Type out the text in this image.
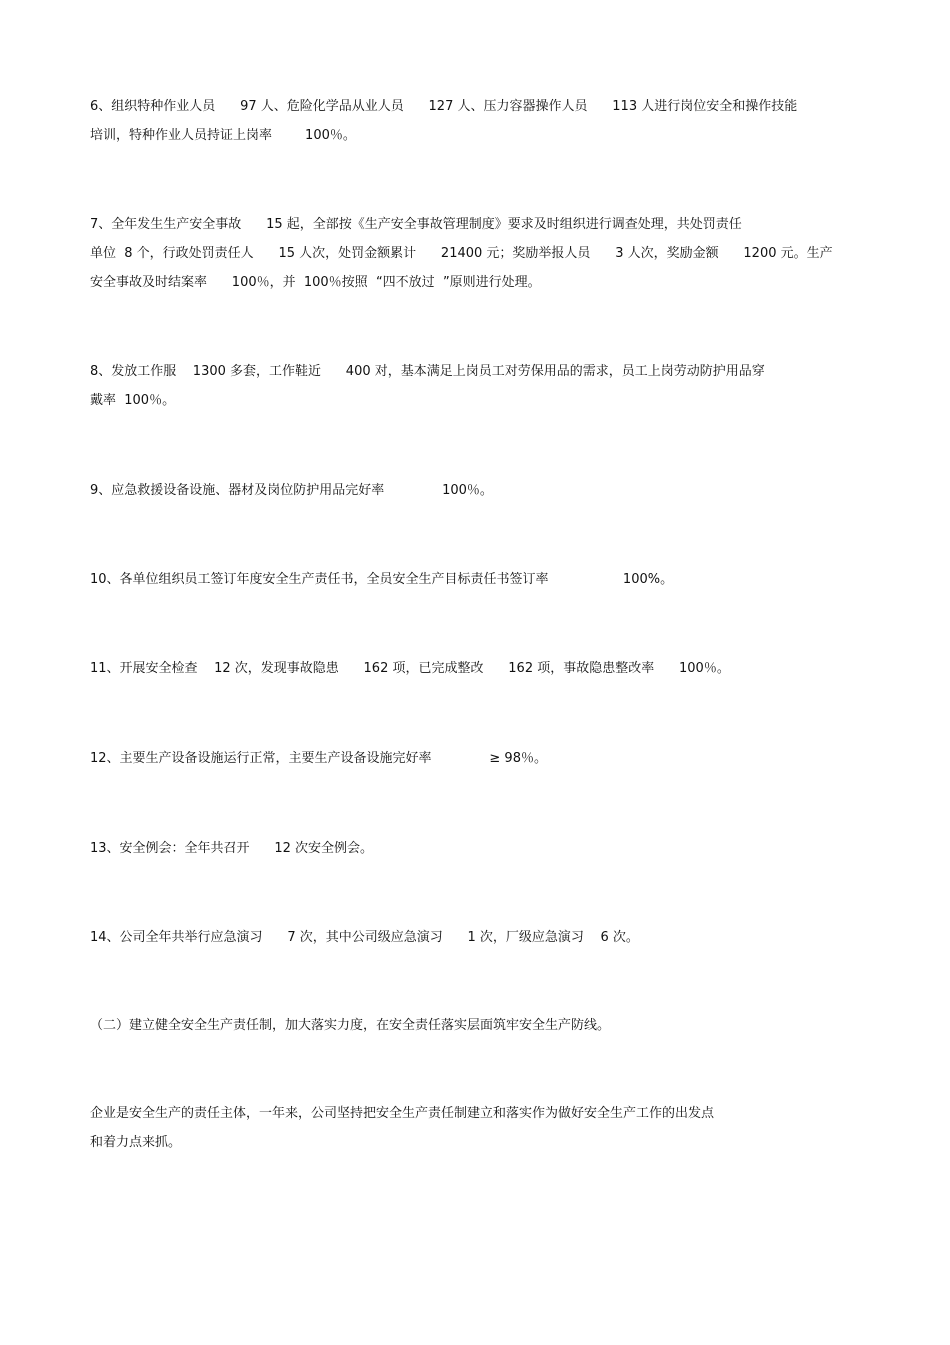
6、组织特种作业人员      97 人、危险化学品从业人员      127 人、压力容器操作人员      113 人进行岗位安全和操作技能
培训，特种作业人员持证上岗率        100％。
7、全年发生生产安全事故      15 起，全部按《生产安全事故管理制度》要求及时组织进行调查处理，共处罚责任
单位  8 个，行政处罚责任人      15 人次，处罚金额累计      21400 元；奖励举报人员      3 人次，奖励金额      1200 元。生产
安全事故及时结案率      100％，并  100％按照  “四不放过  ”原则进行处理。
8、发放工作服    1300 多套，工作鞋近      400 对，基本满足上岗员工对劳保用品的需求，员工上岗劳动防护用品穿
戴率  100％。
9、应急救援设备设施、器材及岗位防护用品完好率              100％。
10、各单位组织员工签订年度安全生产责任书，全员安全生产目标责任书签订率                  100%。
11、开展安全检查    12 次，发现事故隐患      162 项，已完成整改      162 项，事故隐患整改率      100％。
12、主要生产设备设施运行正常，主要生产设备设施完好率              ≥ 98％。
13、安全例会：全年共召开      12 次安全例会。
14、公司全年共举行应急演习      7 次，其中公司级应急演习      1 次，厂级应急演习    6 次。
（二）建立健全安全生产责任制，加大落实力度，在安全责任落实层面筑牢安全生产防线。
企业是安全生产的责任主体，一年来，公司坚持把安全生产责任制建立和落实作为做好安全生产工作的出发点
和着力点来抓。
